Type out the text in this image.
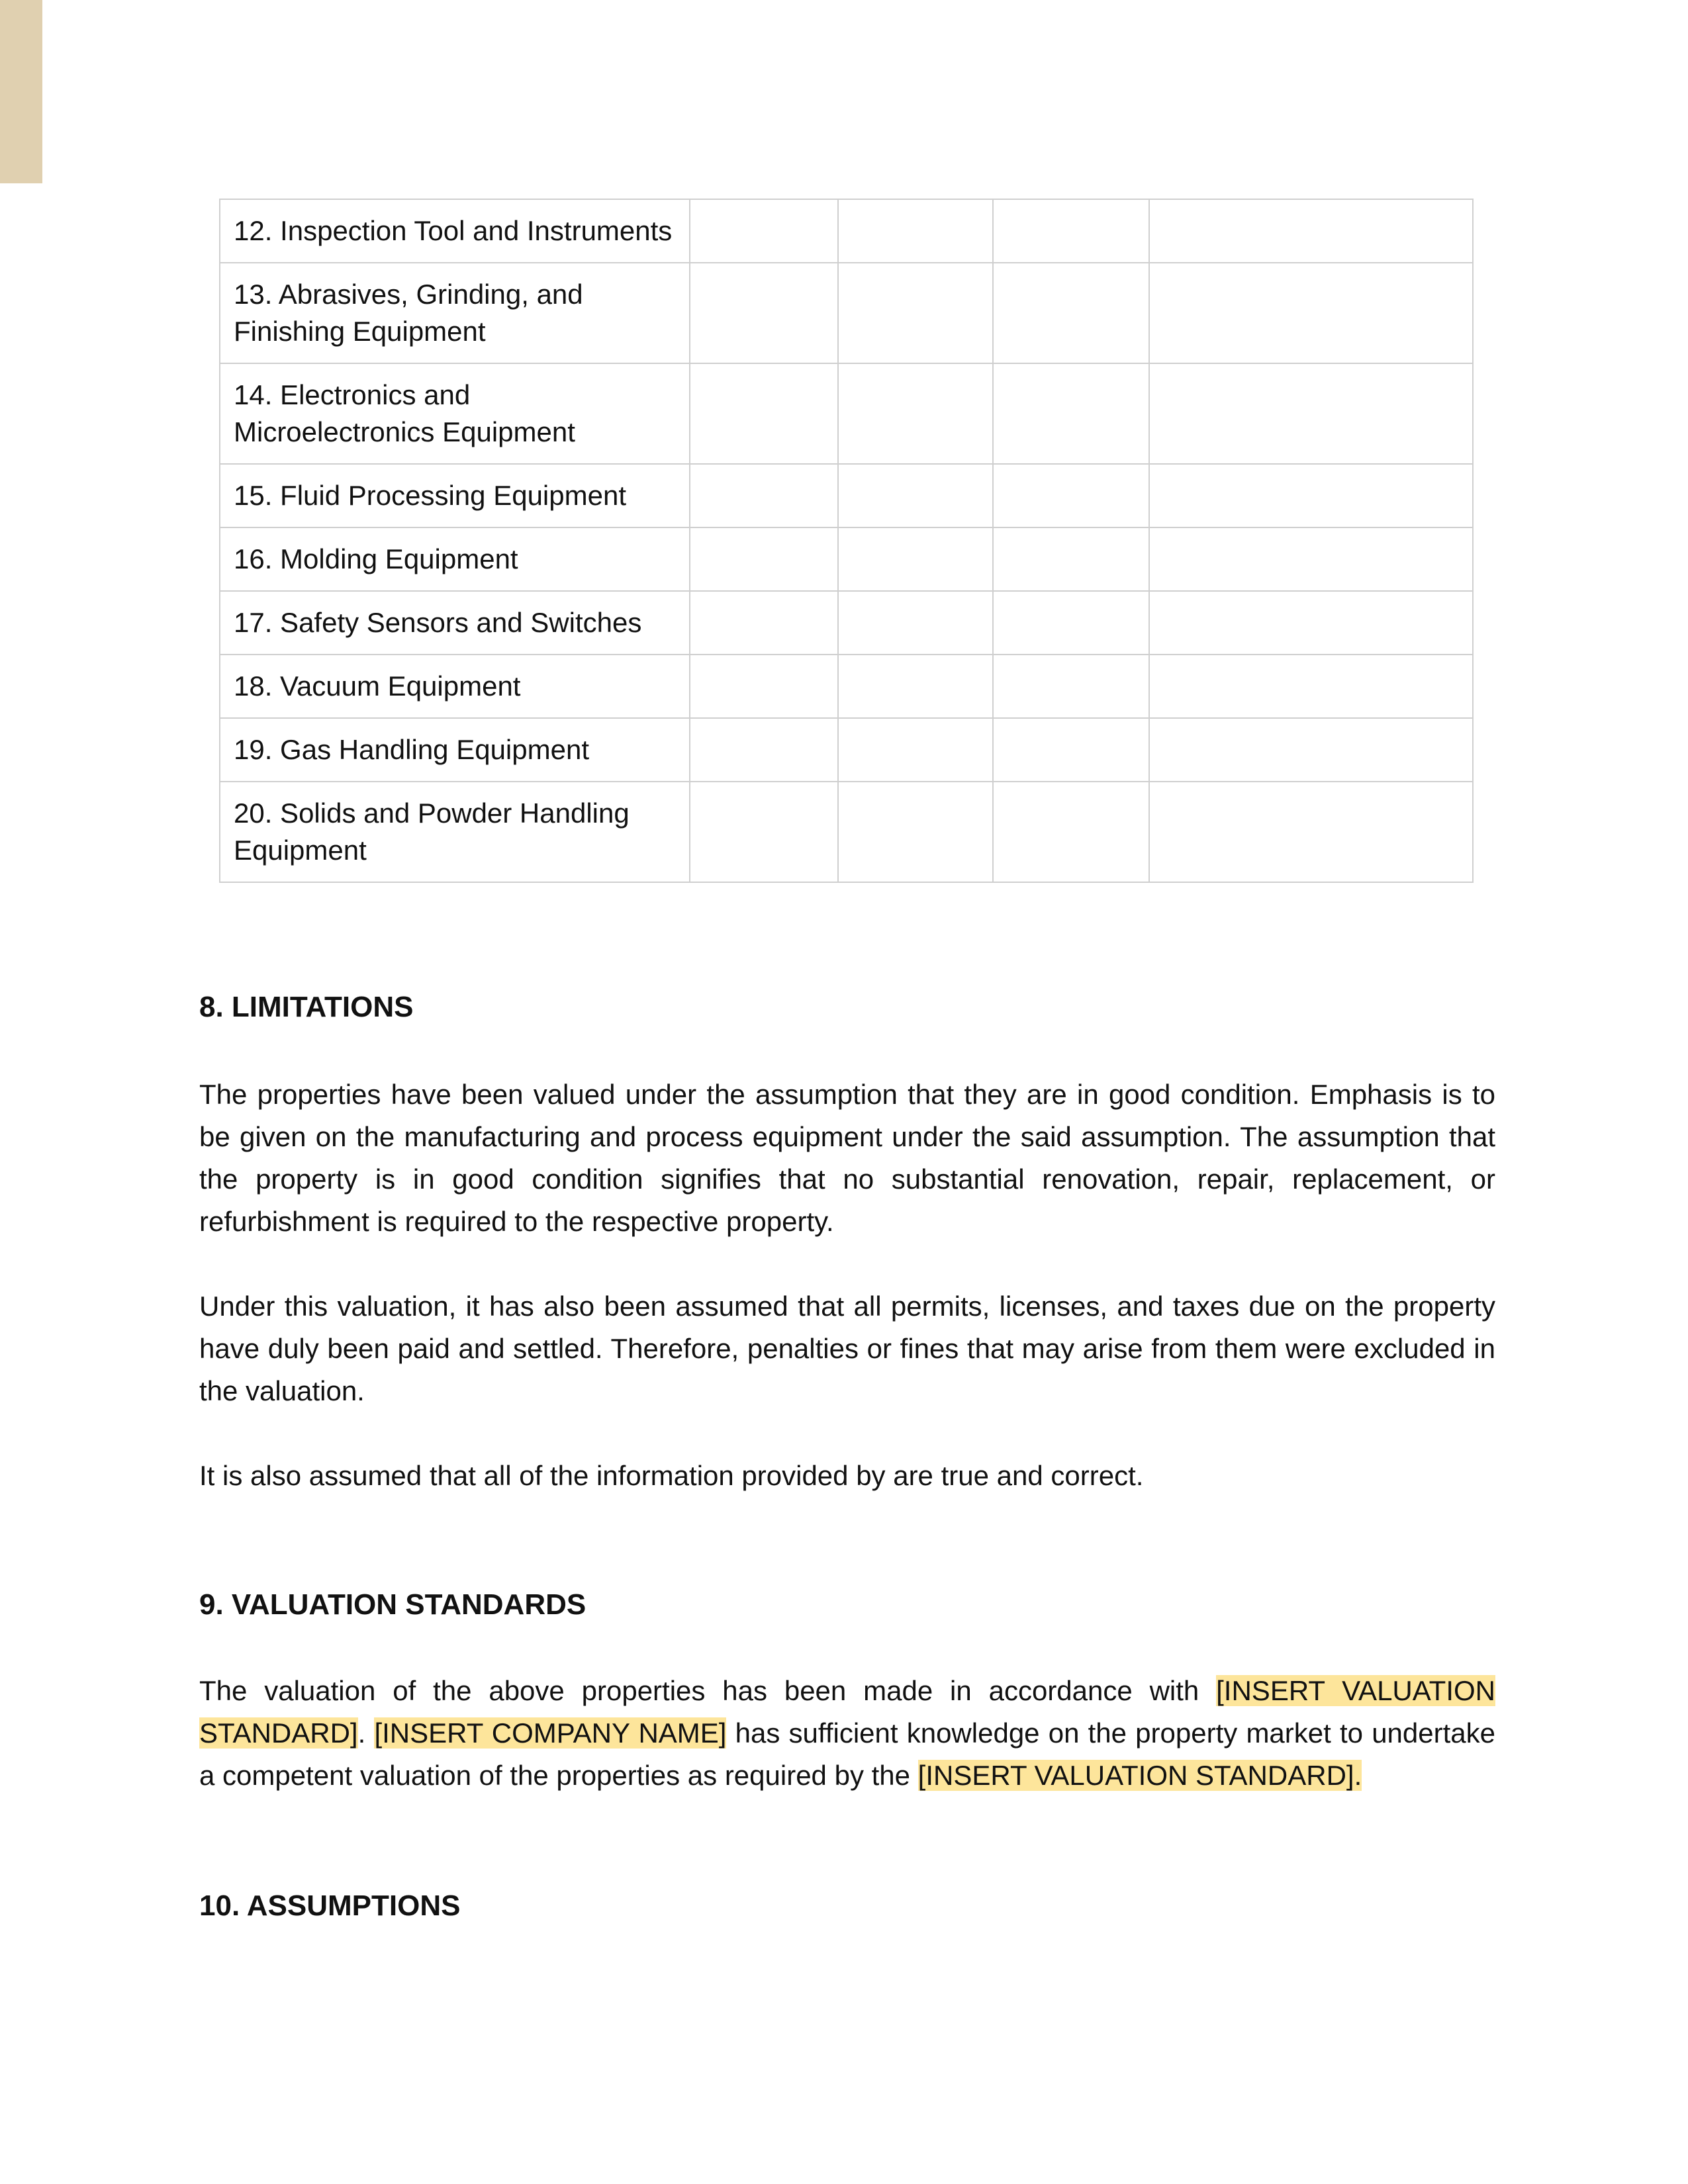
12. Inspection Tool and Instruments				
13. Abrasives, Grinding, and Finishing Equipment				
14. Electronics and Microelectronics Equipment				
15. Fluid Processing Equipment				
16. Molding Equipment				
17. Safety Sensors and Switches				
18. Vacuum Equipment				
19. Gas Handling Equipment				
20. Solids and Powder Handling Equipment				
8. LIMITATIONS

The properties have been valued under the assumption that they are in good condition. Emphasis is to be given on the manufacturing and process equipment under the said assumption. The assumption that the property is in good condition signifies that no substantial renovation, repair, replacement, or refurbishment is required to the respective property.

Under this valuation, it has also been assumed that all permits, licenses, and taxes due on the property have duly been paid and settled. Therefore, penalties or fines that may arise from them were excluded in the valuation.

It is also assumed that all of the information provided by are true and correct.

9. VALUATION STANDARDS

The valuation of the above properties has been made in accordance with [INSERT VALUATION STANDARD]. [INSERT COMPANY NAME] has sufficient knowledge on the property market to undertake a competent valuation of the properties as required by the [INSERT VALUATION STANDARD].

10. ASSUMPTIONS
